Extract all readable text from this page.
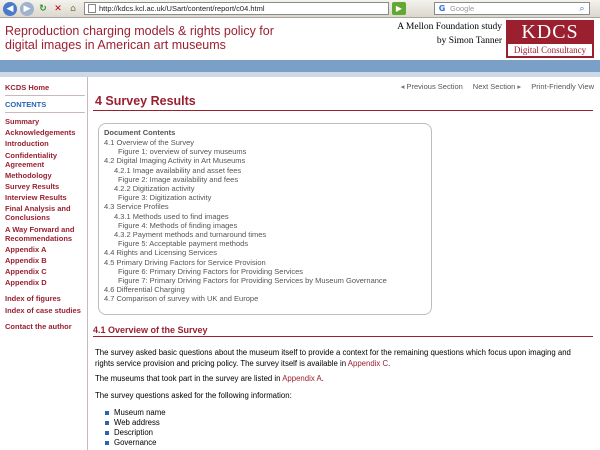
◀	▶ ↻ ✕ ⌂	http://kdcs.kcl.ac.uk/USart/content/report/c04.html	▶	G Google	⌕
Reproduction charging models & rights policy for
digital images in American art museums
A Mellon Foundation study
by Simon Tanner KDCS
Digital Consultancy
KCDS Home
CONTENTS
Summary
Acknowledgements
Introduction
Confidentiality Agreement
Methodology
Survey Results
Interview Results
Final Analysis and Conclusions
A Way Forward and Recommendations
Appendix A
Appendix B
Appendix C
Appendix D
Index of figures
Index of case studies
Contact the author
◂ Previous Section Next Section ▸ Print-Friendly View
4 Survey Results
Document Contents
4.1 Overview of the Survey
Figure 1: overview of survey museums
4.2 Digital Imaging Activity in Art Museums
4.2.1 Image availability and asset fees
Figure 2: Image availability and fees
4.2.2 Digitization activity
Figure 3: Digitization activity
4.3 Service Profiles
4.3.1 Methods used to find images
Figure 4: Methods of finding images
4.3.2 Payment methods and turnaround times
Figure 5: Acceptable payment methods
4.4 Rights and Licensing Services
4.5 Primary Driving Factors for Service Provision
Figure 6: Primary Driving Factors for Providing Services
Figure 7: Primary Driving Factors for Providing Services by Museum Governance
4.6 Differential Charging
4.7 Comparison of survey with UK and Europe
4.1 Overview of the Survey
The survey asked basic questions about the museum itself to provide a context for the remaining questions which focus upon imaging and rights service provision and pricing policy. The survey itself is available in Appendix C.
The museums that took part in the survey are listed in Appendix A.
The survey questions asked for the following information:
Museum name
Web address
Description
Governance
